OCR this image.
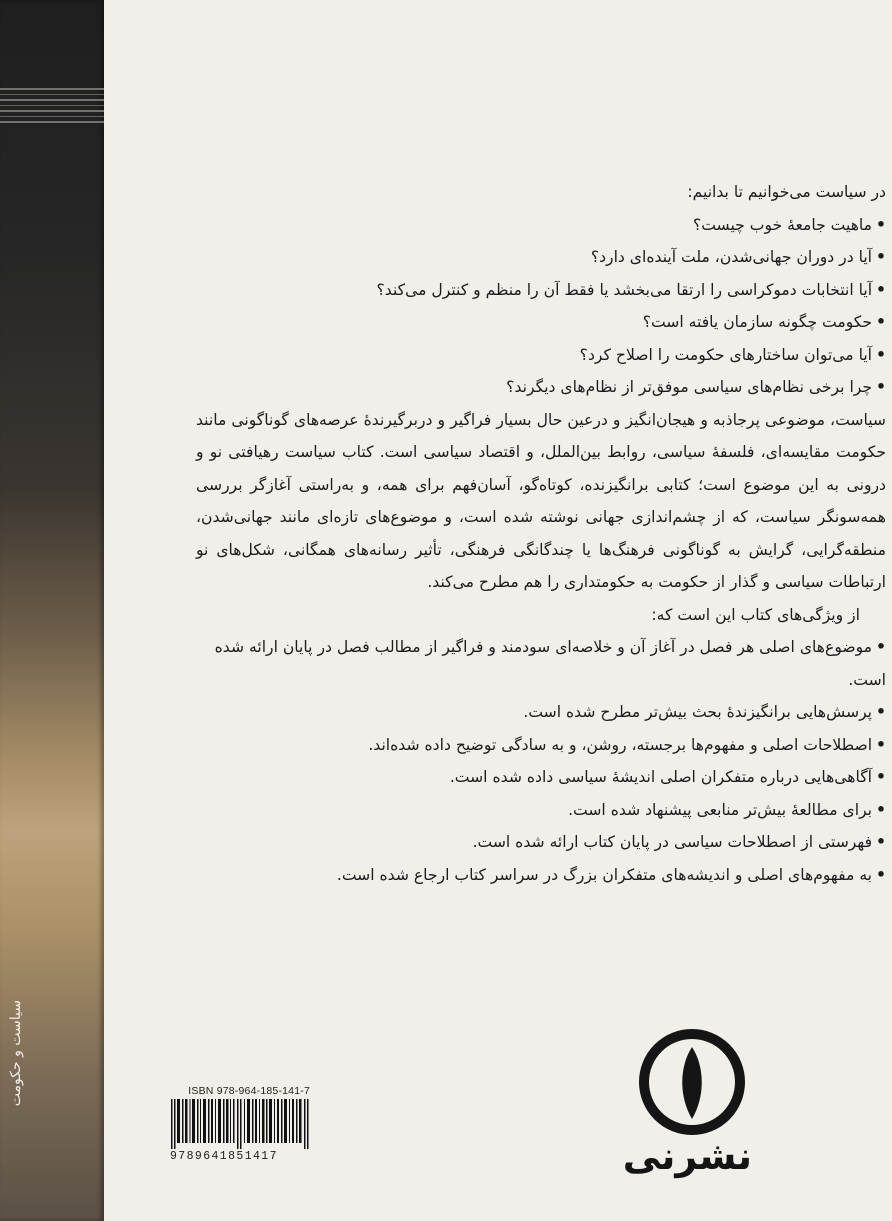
سیاست و حکومت

در سیاست می‌خوانیم تا بدانیم:

•ماهیت جامعهٔ خوب چیست؟
•آیا در دوران جهانی‌شدن، ملت آینده‌ای دارد؟
•آیا انتخابات دموکراسی را ارتقا می‌بخشد یا فقط آن را منظم و کنترل می‌کند؟
•حکومت چگونه سازمان یافته است؟
•آیا می‌توان ساختارهای حکومت را اصلاح کرد؟
•چرا برخی نظام‌های سیاسی موفق‌تر از نظام‌های دیگرند؟

سیاست، موضوعی پرجاذبه و هیجان‌انگیز و درعین حال بسیار فراگیر و دربرگیرندهٔ عرصه‌های گوناگونی مانند حکومت مقایسه‌ای، فلسفهٔ سیاسی، روابط بین‌الملل، و اقتصاد سیاسی است. کتاب سیاست رهیافتی نو و درونی به این موضوع است؛ کتابی برانگیزنده، کوتاه‌گو، آسان‌فهم برای همه، و به‌راستی آغازگر بررسی همه‌سونگر سیاست، که از چشم‌اندازی جهانی نوشته شده است، و موضوع‌های تازه‌ای مانند جهانی‌شدن، منطقه‌گرایی، گرایش به گوناگونی فرهنگ‌ها یا چندگانگی فرهنگی، تأثیر رسانه‌های همگانی، شکل‌های نو ارتباطات سیاسی و گذار از حکومت به حکومتداری را هم مطرح می‌کند.

از ویژگی‌های کتاب این است که:

•موضوع‌های اصلی هر فصل در آغاز آن و خلاصه‌ای سودمند و فراگیر از مطالب فصل در پایان ارائه شده است.
•پرسش‌هایی برانگیزندهٔ بحث بیش‌تر مطرح شده است.
•اصطلاحات اصلی و مفهوم‌ها برجسته، روشن، و به سادگی توضیح داده شده‌اند.
•آگاهی‌هایی درباره متفکران اصلی اندیشهٔ سیاسی داده شده است.
•برای مطالعهٔ بیش‌تر منابعی پیشنهاد شده است.
•فهرستی از اصطلاحات سیاسی در پایان کتاب ارائه شده است.
•به مفهوم‌های اصلی و اندیشه‌های متفکران بزرگ در سراسر کتاب ارجاع شده است.
ISBN 978-964-185-141-7
9789641851417	نشرنی
